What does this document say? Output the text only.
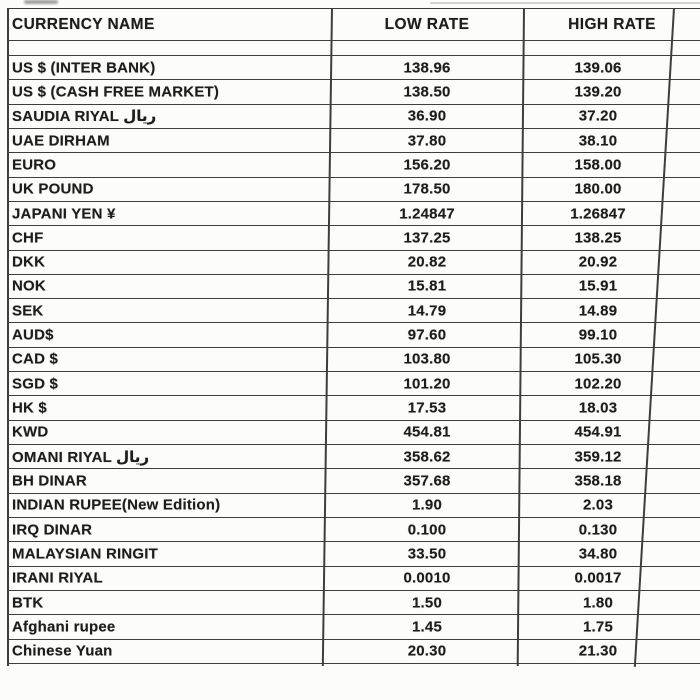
CURRENCY NAME	LOW RATE	HIGH RATE
US $ (INTER BANK)	138.96	139.06
US $ (CASH FREE MARKET)	138.50	139.20
SAUDIA RIYAL ريال	36.90	37.20
UAE DIRHAM	37.80	38.10
EURO	156.20	158.00
UK POUND	178.50	180.00
JAPANI YEN ¥	1.24847	1.26847
CHF	137.25	138.25
DKK	20.82	20.92
NOK	15.81	15.91
SEK	14.79	14.89
AUD$	97.60	99.10
CAD $	103.80	105.30
SGD $	101.20	102.20
HK $	17.53	18.03
KWD	454.81	454.91
OMANI RIYAL ريال	358.62	359.12
BH DINAR	357.68	358.18
INDIAN RUPEE(New Edition)	1.90	2.03
IRQ DINAR	0.100	0.130
MALAYSIAN RINGIT	33.50	34.80
IRANI RIYAL	0.0010	0.0017
BTK	1.50	1.80
Afghani rupee	1.45	1.75
Chinese Yuan	20.30	21.30
